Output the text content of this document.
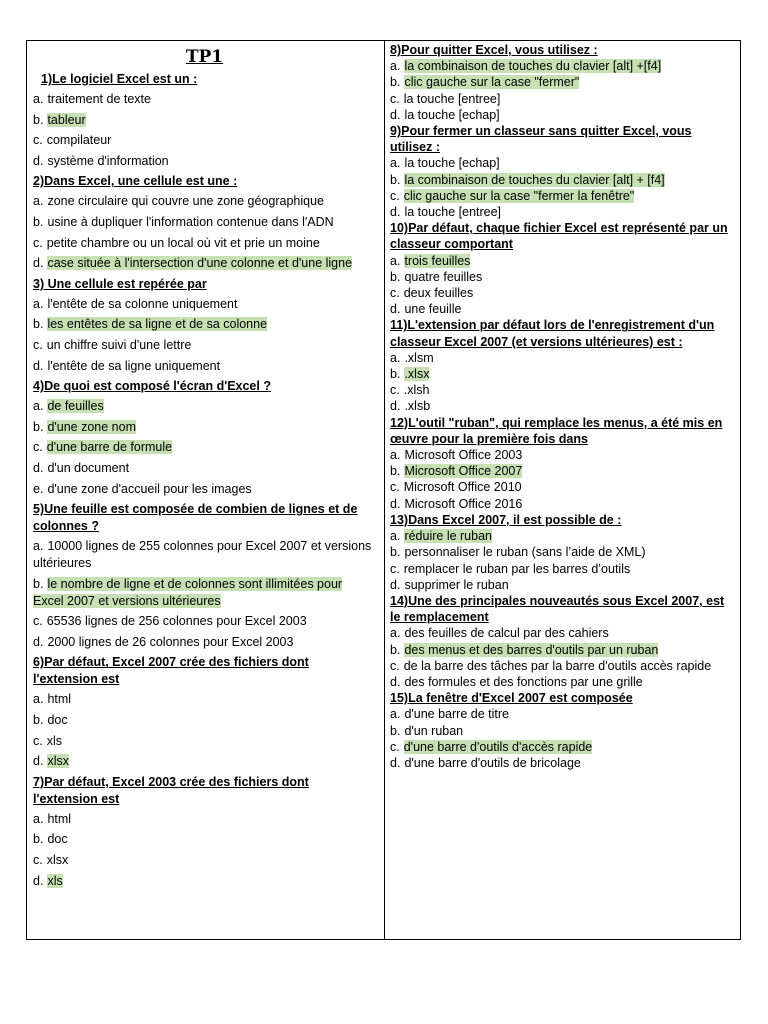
TP1
1)Le logiciel Excel est un :
a. traitement de texte
b. tableur
c. compilateur
d. système d'information
2)Dans Excel, une cellule est une :
a. zone circulaire qui couvre une zone géographique
b. usine à dupliquer l'information contenue dans l'ADN
c. petite chambre ou un local où vit et prie un moine
d. case située à l'intersection d'une colonne et d'une ligne
3) Une cellule est repérée par
a. l'entête de sa colonne uniquement
b. les entêtes de sa ligne et de sa colonne
c. un chiffre suivi d'une lettre
d. l'entête de sa ligne uniquement
4)De quoi est composé l'écran d'Excel ?
a. de feuilles
b. d'une zone nom
c. d'une barre de formule
d. d'un document
e. d'une zone d'accueil pour les images
5)Une feuille est composée de combien de lignes et de colonnes ?
a. 10000 lignes de 255 colonnes pour Excel 2007 et versions ultérieures
b. le nombre de ligne et de colonnes sont illimitées pour Excel 2007 et versions ultérieures
c. 65536 lignes de 256 colonnes pour Excel 2003
d. 2000 lignes de 26 colonnes pour Excel 2003
6)Par défaut, Excel 2007 crée des fichiers dont l'extension est
a. html
b. doc
c. xls
d. xlsx
7)Par défaut, Excel 2003 crée des fichiers dont l'extension est
a. html
b. doc
c. xlsx
d. xls
8)Pour quitter Excel, vous utilisez :
a. la combinaison de touches du clavier [alt] +[f4]
b. clic gauche sur la case "fermer"
c. la touche [entree]
d. la touche [echap]
9)Pour fermer un classeur sans quitter Excel, vous utilisez :
a. la touche [echap]
b. la combinaison de touches du clavier [alt] + [f4]
c. clic gauche sur la case "fermer la fenêtre"
d. la touche [entree]
10)Par défaut, chaque fichier Excel est représenté par un classeur comportant
a. trois feuilles
b. quatre feuilles
c. deux feuilles
d. une feuille
11)L'extension par défaut lors de l'enregistrement d'un classeur Excel 2007 (et versions ultérieures) est :
a. .xlsm
b. .xlsx
c. .xlsh
d. .xlsb
12)L'outil "ruban", qui remplace les menus, a été mis en œuvre pour la première fois dans
a. Microsoft Office 2003
b. Microsoft Office 2007
c. Microsoft Office 2010
d. Microsoft Office 2016
13)Dans Excel 2007, il est possible de :
a. réduire le ruban
b. personnaliser le ruban (sans l’aide de XML)
c. remplacer le ruban par les barres d’outils
d. supprimer le ruban
14)Une des principales nouveautés sous Excel 2007, est le remplacement
a. des feuilles de calcul par des cahiers
b. des menus et des barres d'outils par un ruban
c. de la barre des tâches par la barre d'outils accès rapide
d. des formules et des fonctions par une grille
15)La fenêtre d'Excel 2007 est composée
a. d'une barre de titre
b. d'un ruban
c. d'une barre d'outils d'accès rapide
d. d'une barre d'outils de bricolage
